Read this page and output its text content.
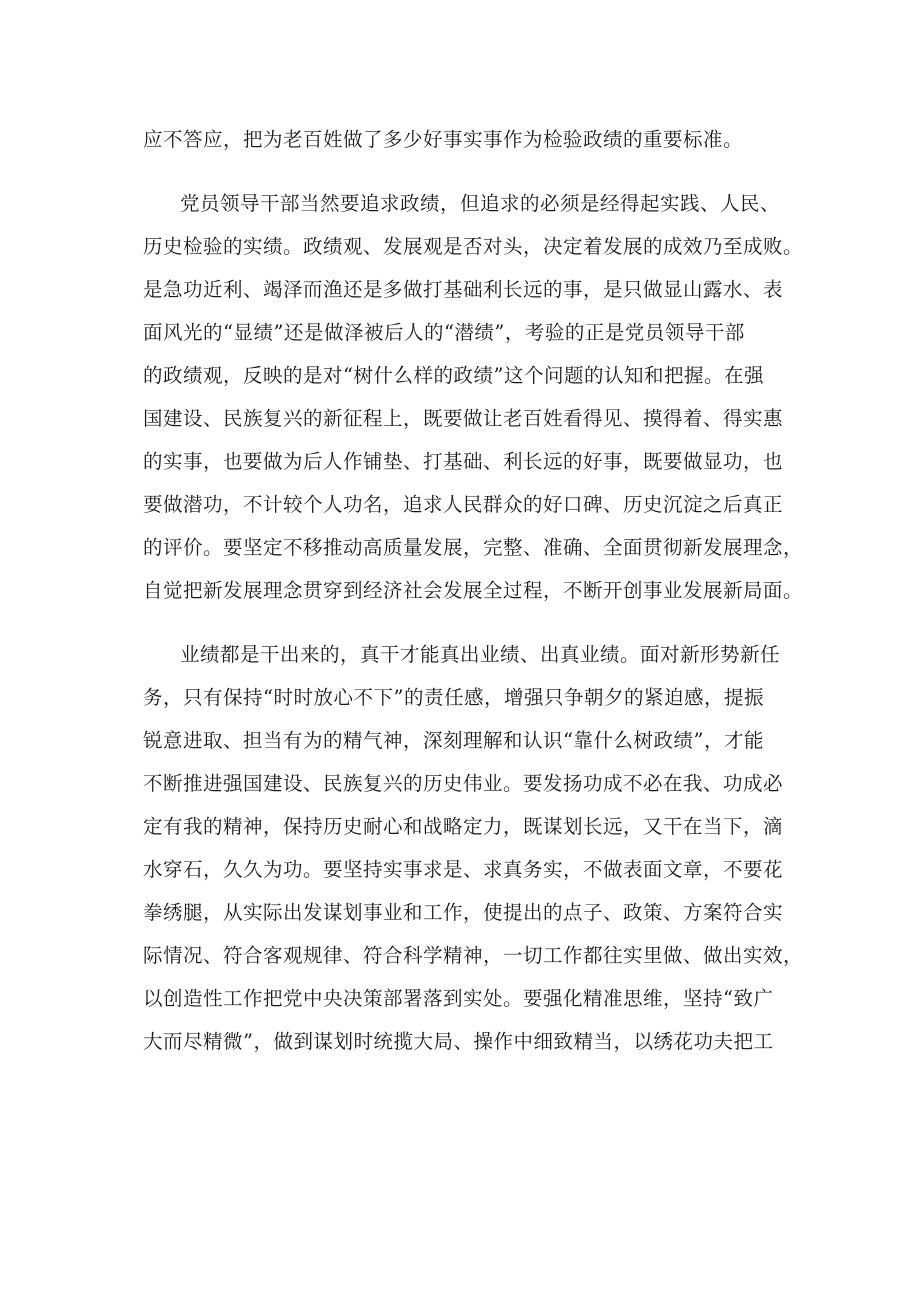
应不答应，把为老百姓做了多少好事实事作为检验政绩的重要标准。
党员领导干部当然要追求政绩，但追求的必须是经得起实践、人民、
历史检验的实绩。政绩观、发展观是否对头，决定着发展的成效乃至成败。
是急功近利、竭泽而渔还是多做打基础利长远的事，是只做显山露水、表
面风光的“显绩”还是做泽被后人的“潜绩”，考验的正是党员领导干部
的政绩观，反映的是对“树什么样的政绩”这个问题的认知和把握。在强
国建设、民族复兴的新征程上，既要做让老百姓看得见、摸得着、得实惠
的实事，也要做为后人作铺垫、打基础、利长远的好事，既要做显功，也
要做潜功，不计较个人功名，追求人民群众的好口碑、历史沉淀之后真正
的评价。要坚定不移推动高质量发展，完整、准确、全面贯彻新发展理念，
自觉把新发展理念贯穿到经济社会发展全过程，不断开创事业发展新局面。
业绩都是干出来的，真干才能真出业绩、出真业绩。面对新形势新任
务，只有保持“时时放心不下”的责任感，增强只争朝夕的紧迫感，提振
锐意进取、担当有为的精气神，深刻理解和认识“靠什么树政绩”，才能
不断推进强国建设、民族复兴的历史伟业。要发扬功成不必在我、功成必
定有我的精神，保持历史耐心和战略定力，既谋划长远，又干在当下，滴
水穿石，久久为功。要坚持实事求是、求真务实，不做表面文章，不要花
拳绣腿，从实际出发谋划事业和工作，使提出的点子、政策、方案符合实
际情况、符合客观规律、符合科学精神，一切工作都往实里做、做出实效，
以创造性工作把党中央决策部署落到实处。要强化精准思维，坚持“致广
大而尽精微”，做到谋划时统揽大局、操作中细致精当，以绣花功夫把工
